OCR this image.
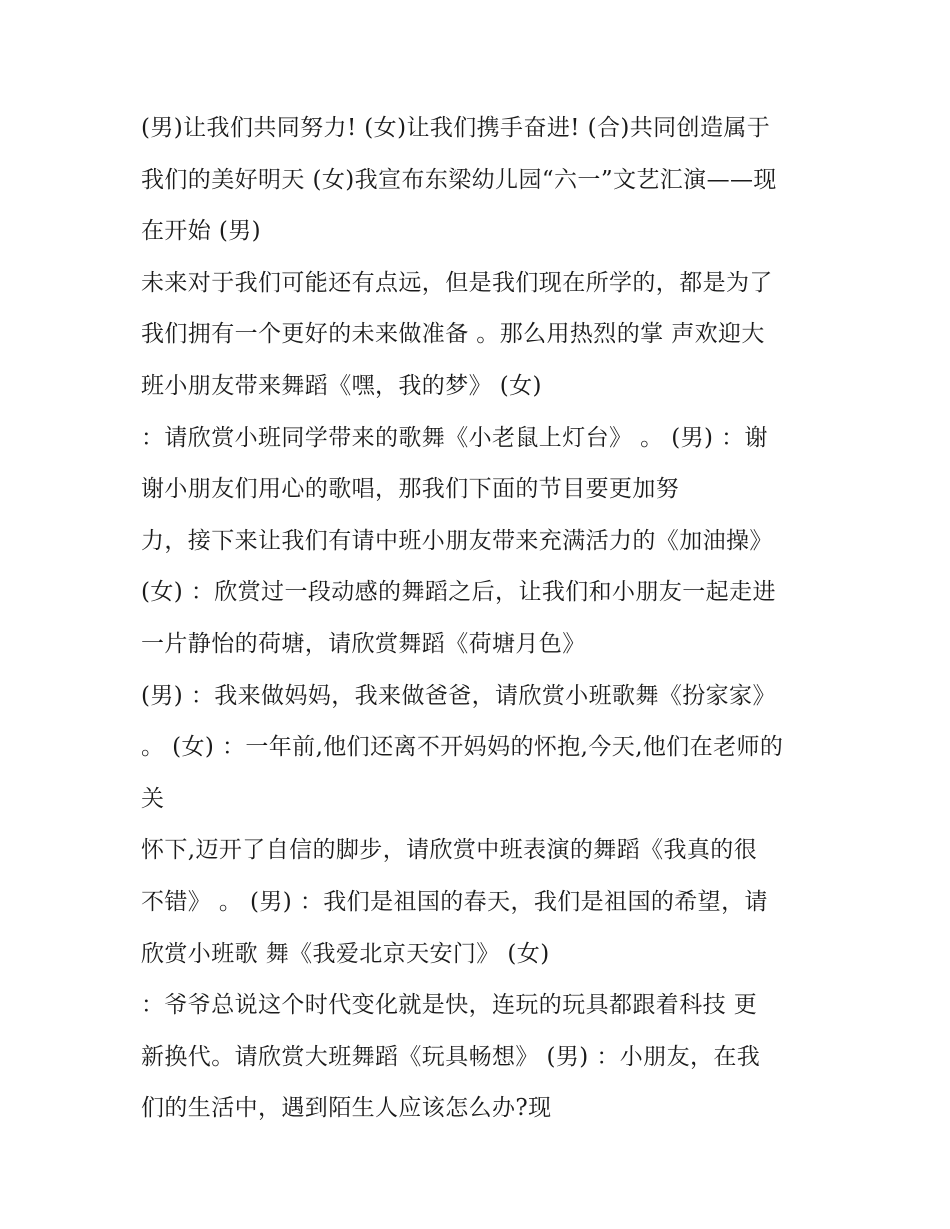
(男)让我们共同努力! (女)让我们携手奋进! (合)共同创造属于
我们的美好明天 (女)我宣布东梁幼儿园“六一”文艺汇演——现
在开始 (男)
未来对于我们可能还有点远，但是我们现在所学的，都是为了
我们拥有一个更好的未来做准备 。那么用热烈的掌 声欢迎大
班小朋友带来舞蹈《嘿，我的梦》 (女)
：请欣赏小班同学带来的歌舞《小老鼠上灯台》 。 (男) ：谢
谢小朋友们用心的歌唱，那我们下面的节目要更加努
力，接下来让我们有请中班小朋友带来充满活力的《加油操》
(女) ：欣赏过一段动感的舞蹈之后，让我们和小朋友一起走进
一片静怡的荷塘，请欣赏舞蹈《荷塘月色》
(男) ：我来做妈妈，我来做爸爸，请欣赏小班歌舞《扮家家》
。 (女) ：一年前,他们还离不开妈妈的怀抱,今天,他们在老师的
关
怀下,迈开了自信的脚步，请欣赏中班表演的舞蹈《我真的很
不错》 。 (男) ：我们是祖国的春天，我们是祖国的希望，请
欣赏小班歌 舞《我爱北京天安门》 (女)
：爷爷总说这个时代变化就是快，连玩的玩具都跟着科技 更
新换代。请欣赏大班舞蹈《玩具畅想》 (男) ：小朋友，在我
们的生活中，遇到陌生人应该怎么办?现
